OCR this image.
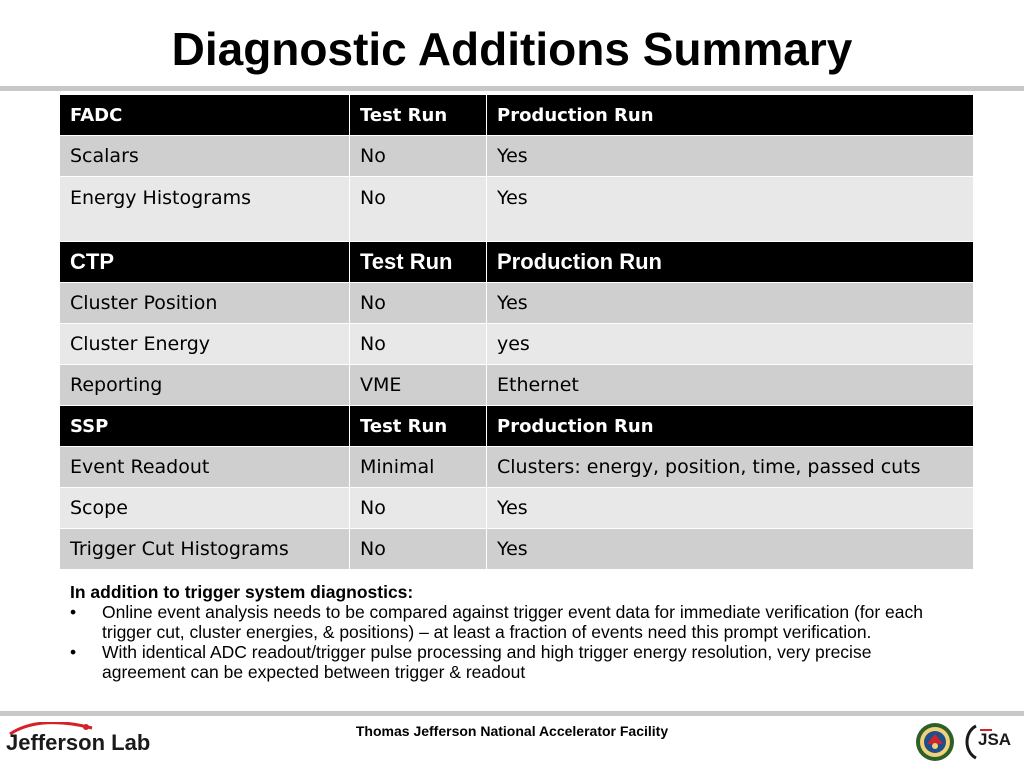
Diagnostic Additions Summary
FADC	Test Run	Production Run
Scalars	No	Yes
Energy Histograms	No	Yes
CTP	Test Run	Production Run
Cluster Position	No	Yes
Cluster Energy	No	yes
Reporting	VME	Ethernet
SSP	Test Run	Production Run
Event Readout	Minimal	Clusters: energy, position, time, passed cuts
Scope	No	Yes
Trigger Cut Histograms	No	Yes
In addition to trigger system diagnostics:
•	Online event analysis needs to be compared against trigger event data for immediate verification (for each trigger cut, cluster energies, & positions) – at least a fraction of events need this prompt verification.
•	With identical ADC readout/trigger pulse processing and high trigger energy resolution, very precise agreement can be expected between trigger & readout
Jefferson Lab	Thomas Jefferson National Accelerator Facility	JSA
